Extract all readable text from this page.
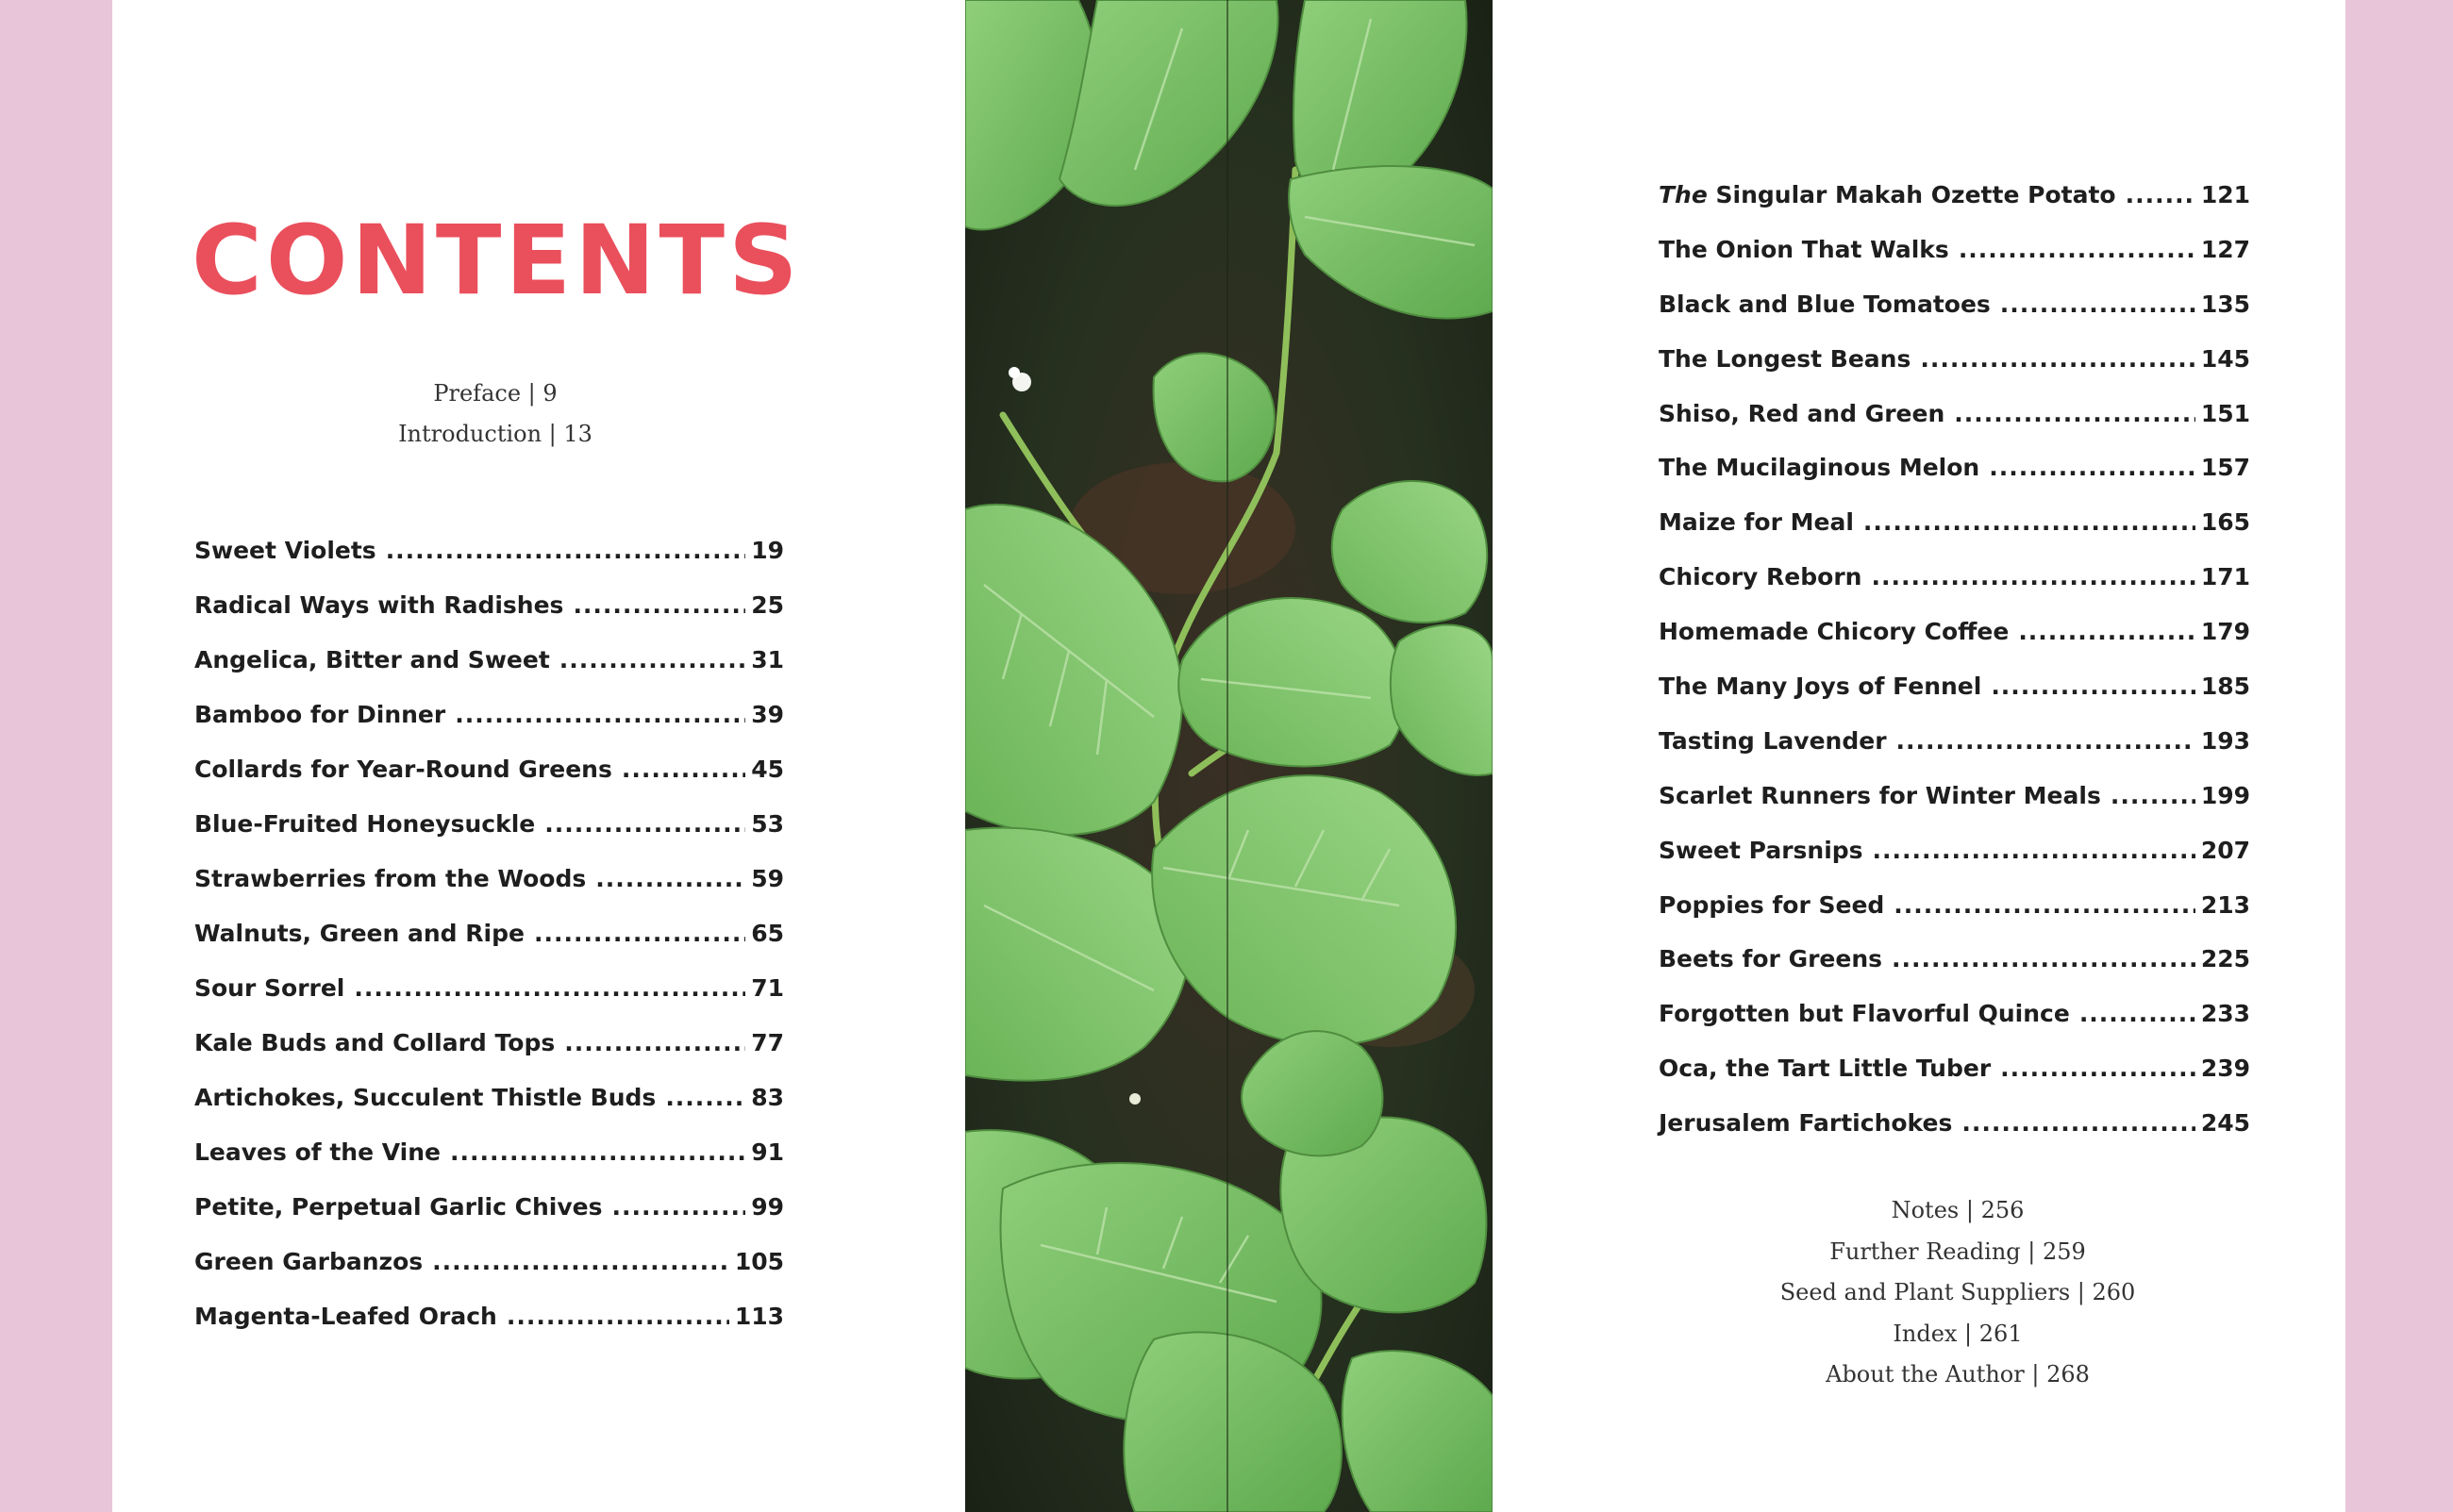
CONTENTS
Preface | 9
Introduction | 13
Sweet Violets .....	19
Radical Ways with Radishes .....	25
Angelica, Bitter and Sweet .....	31
Bamboo for Dinner .....	39
Collards for Year-Round Greens .....	45
Blue-Fruited Honeysuckle .....	53
Strawberries from the Woods .....	59
Walnuts, Green and Ripe .....	65
Sour Sorrel .....	71
Kale Buds and Collard Tops .....	77
Artichokes, Succulent Thistle Buds .....	83
Leaves of the Vine .....	91
Petite, Perpetual Garlic Chives .....	99
Green Garbanzos .....	105
Magenta-Leafed Orach .....	113
The Singular Makah Ozette Potato .....	121
The Onion That Walks .....	127
Black and Blue Tomatoes .....	135
The Longest Beans .....	145
Shiso, Red and Green .....	151
The Mucilaginous Melon .....	157
Maize for Meal .....	165
Chicory Reborn .....	171
Homemade Chicory Coffee .....	179
The Many Joys of Fennel .....	185
Tasting Lavender .....	193
Scarlet Runners for Winter Meals .....	199
Sweet Parsnips .....	207
Poppies for Seed .....	213
Beets for Greens .....	225
Forgotten but Flavorful Quince .....	233
Oca, the Tart Little Tuber .....	239
Jerusalem Fartichokes .....	245
Notes | 256
Further Reading | 259
Seed and Plant Suppliers | 260
Index | 261
About the Author | 268
